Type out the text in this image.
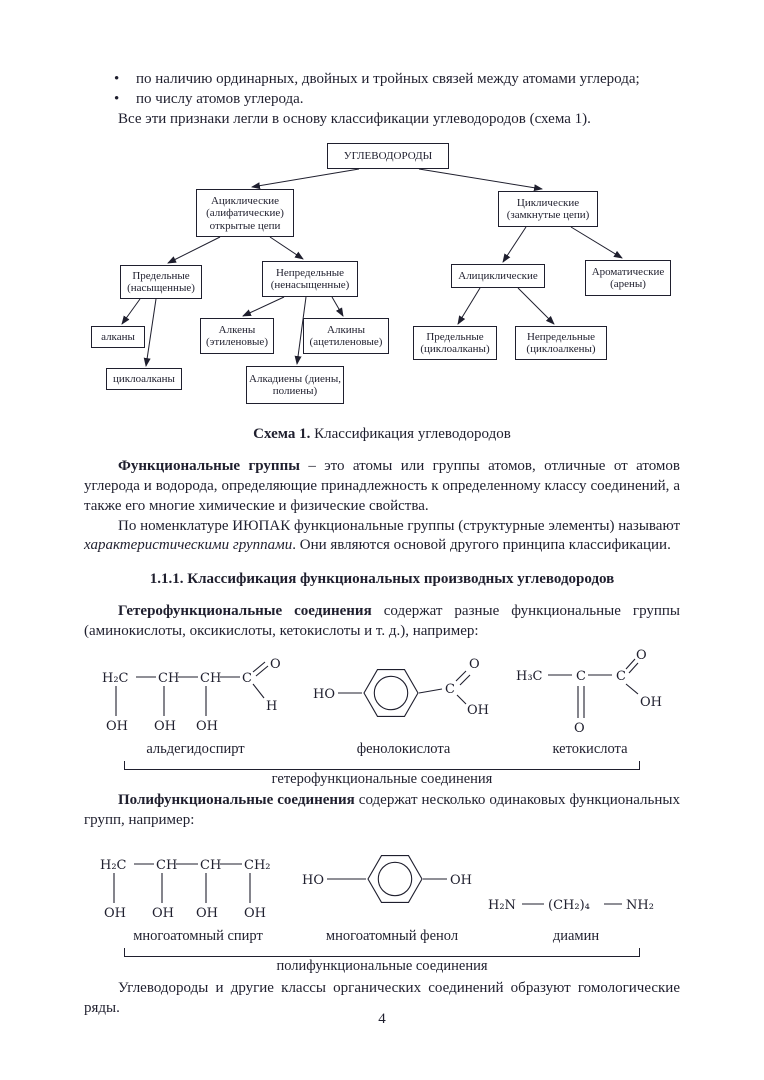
•	по наличию ординарных, двойных и тройных связей между атомами углерода;
•	по числу атомов углерода.

Все эти признаки легли в основу классификации углеводородов (схема 1).

УГЛЕВОДОРОДЫ
Ациклические (алифатические) открытые цепи
Циклические (замкнутые цепи)
Предельные (насыщенные)
Непредельные (ненасыщенные)
Алициклические	Ароматические (арены)
алканы
Алкены (этиленовые)
Алкины (ацетиленовые)	Предельные (циклоалканы)
Непредельные (циклоалкены)
циклоалканы	Алкадиены (диены, полиены)

Схема 1. Классификация углеводородов

Функциональные группы – это атомы или группы атомов, отличные от атомов углерода и водорода, определяющие принадлежность к определенному классу соединений, а также его многие химические и физические свойства.

По номенклатуре ИЮПАК функциональные группы (структурные элементы) называют характеристическими группами. Они являются основой другого принципа классификации.

1.1.1. Классификация функциональных производных углеводородов

Гетерофункциональные соединения содержат разные функциональные группы (аминокислоты, оксикислоты, кетокислоты и т. д.), например:

H₂C CH CH C
O
H
OH OH OH
альдегидоспирт
HO	C
O
OH
фенолокислота
H₃C	C C
O
O
OH
кетокислота
гетерофункциональные соединения

Полифункциональные соединения содержат несколько одинаковых функциональных групп, например:

H₂C CH CH CH₂
OH OH OH OH
многоатомный спирт
HO	OH
многоатомный фенол
H₂N (CH₂)₄	NH₂
диамин
полифункциональные соединения

Углеводороды и другие классы органических соединений образуют гомологические ряды.

4
